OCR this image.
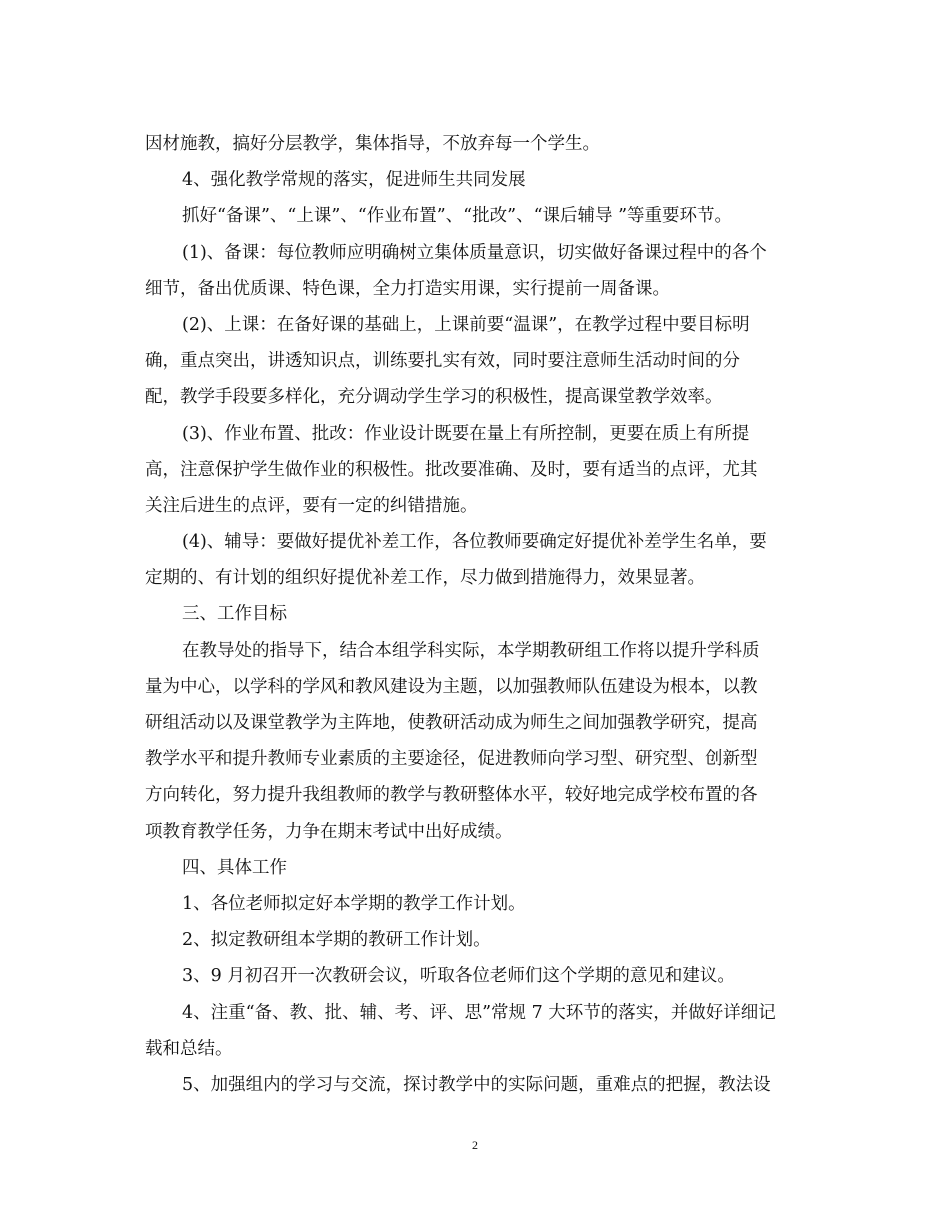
因材施教，搞好分层教学，集体指导，不放弃每一个学生。
4、强化教学常规的落实，促进师生共同发展
抓好“备课”、“上课”、“作业布置”、“批改”、“课后辅导 ”等重要环节。
(1)、备课：每位教师应明确树立集体质量意识，切实做好备课过程中的各个
细节，备出优质课、特色课，全力打造实用课，实行提前一周备课。
(2)、上课：在备好课的基础上，上课前要“温课”，在教学过程中要目标明
确，重点突出，讲透知识点，训练要扎实有效，同时要注意师生活动时间的分
配，教学手段要多样化，充分调动学生学习的积极性，提高课堂教学效率。
(3)、作业布置、批改：作业设计既要在量上有所控制，更要在质上有所提
高，注意保护学生做作业的积极性。批改要准确、及时，要有适当的点评，尤其
关注后进生的点评，要有一定的纠错措施。
(4)、辅导：要做好提优补差工作，各位教师要确定好提优补差学生名单，要
定期的、有计划的组织好提优补差工作，尽力做到措施得力，效果显著。
三、工作目标
在教导处的指导下，结合本组学科实际，本学期教研组工作将以提升学科质
量为中心，以学科的学风和教风建设为主题，以加强教师队伍建设为根本，以教
研组活动以及课堂教学为主阵地，使教研活动成为师生之间加强教学研究，提高
教学水平和提升教师专业素质的主要途径，促进教师向学习型、研究型、创新型
方向转化，努力提升我组教师的教学与教研整体水平，较好地完成学校布置的各
项教育教学任务，力争在期末考试中出好成绩。
四、具体工作
1、各位老师拟定好本学期的教学工作计划。
2、拟定教研组本学期的教研工作计划。
3、9 月初召开一次教研会议，听取各位老师们这个学期的意见和建议。
4、注重“备、教、批、辅、考、评、思”常规 7 大环节的落实，并做好详细记
载和总结。
5、加强组内的学习与交流，探讨教学中的实际问题，重难点的把握，教法设
2
